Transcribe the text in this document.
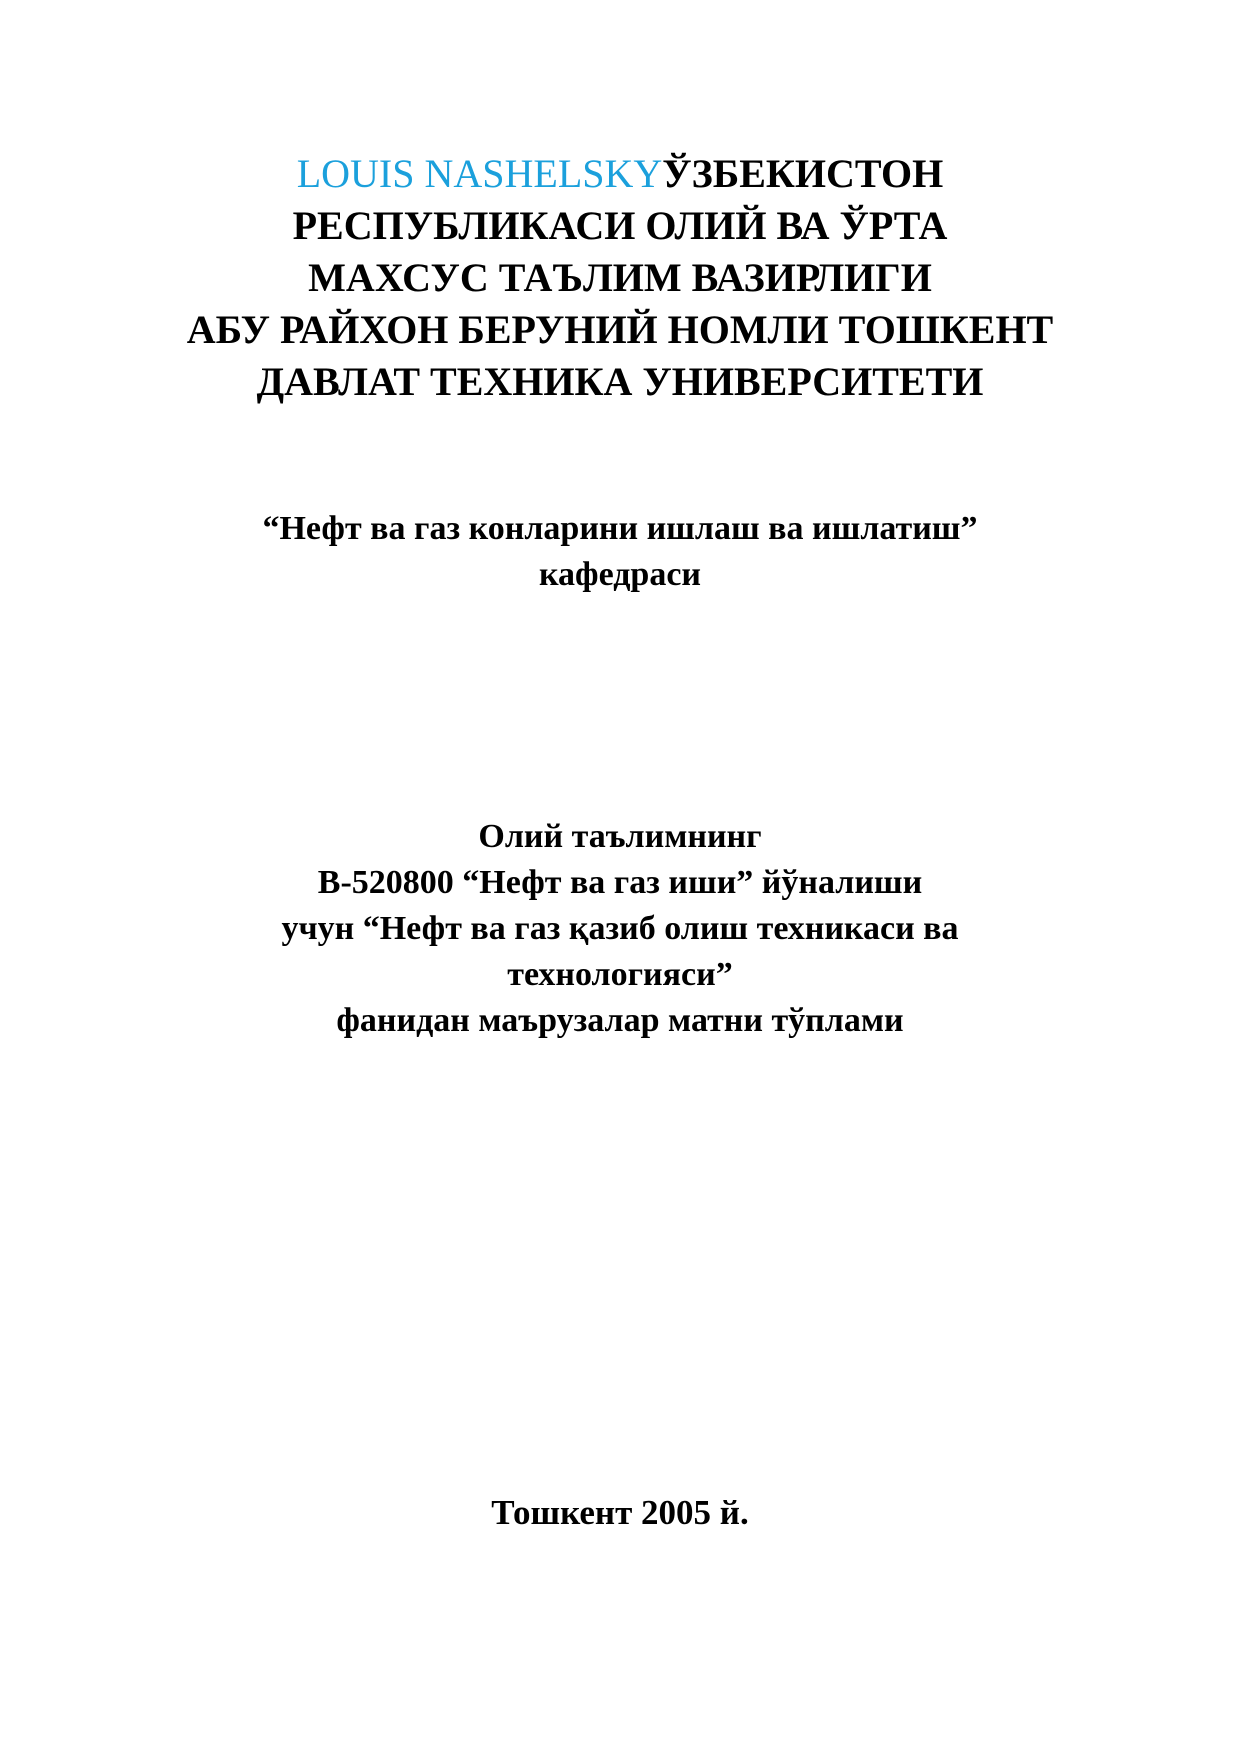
LOUIS NASHELSKYЎЗБЕКИСТОН
РЕСПУБЛИКАСИ ОЛИЙ ВА ЎРТА
МАХСУС ТАЪЛИМ ВАЗИРЛИГИ
АБУ РАЙХОН БЕРУНИЙ НОМЛИ ТОШКЕНТ
ДАВЛАТ ТЕХНИКА УНИВЕРСИТЕТИ
“Нефт ва газ конларини ишлаш ва ишлатиш”
кафедраси
Олий таълимнинг
B-520800 “Нефт ва газ иши” йўналиши
учун “Нефт ва газ қазиб олиш техникаси ва
технологияси”
фанидан маърузалар матни тўплами
Тошкент 2005 й.
